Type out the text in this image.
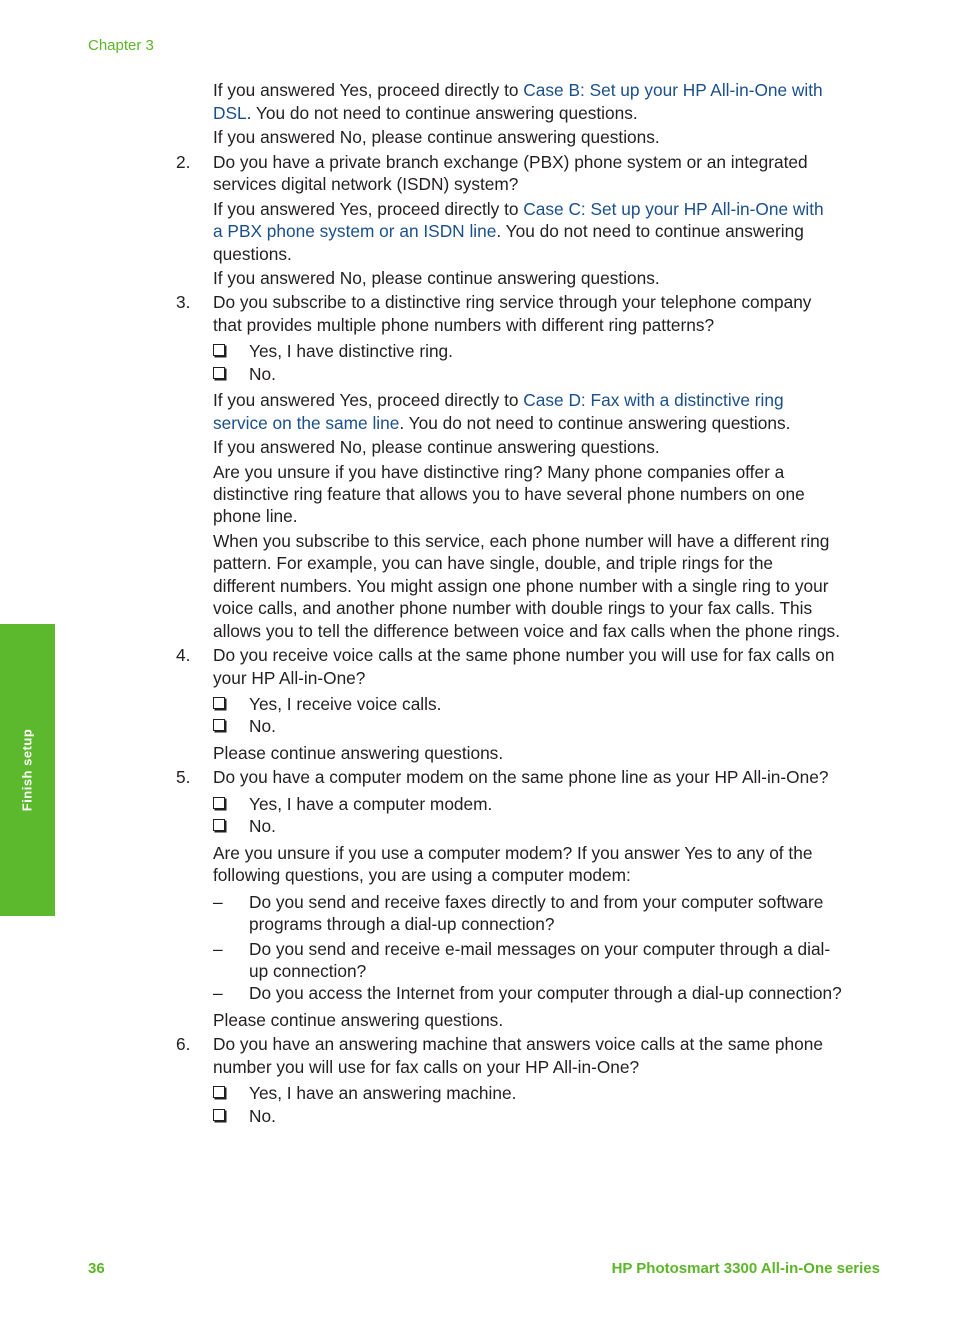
Chapter 3
Finish setup
If you answered Yes, proceed directly to Case B: Set up your HP All-in-One with
DSL. You do not need to continue answering questions.
If you answered No, please continue answering questions.
2. Do you have a private branch exchange (PBX) phone system or an integrated
services digital network (ISDN) system?
If you answered Yes, proceed directly to Case C: Set up your HP All-in-One with
a PBX phone system or an ISDN line. You do not need to continue answering
questions.
If you answered No, please continue answering questions.
3. Do you subscribe to a distinctive ring service through your telephone company
that provides multiple phone numbers with different ring patterns?
Yes, I have distinctive ring.
No.
If you answered Yes, proceed directly to Case D: Fax with a distinctive ring
service on the same line. You do not need to continue answering questions.
If you answered No, please continue answering questions.
Are you unsure if you have distinctive ring? Many phone companies offer a
distinctive ring feature that allows you to have several phone numbers on one
phone line.
When you subscribe to this service, each phone number will have a different ring
pattern. For example, you can have single, double, and triple rings for the
different numbers. You might assign one phone number with a single ring to your
voice calls, and another phone number with double rings to your fax calls. This
allows you to tell the difference between voice and fax calls when the phone rings.
4. Do you receive voice calls at the same phone number you will use for fax calls on
your HP All-in-One?
Yes, I receive voice calls.
No.
Please continue answering questions.
5. Do you have a computer modem on the same phone line as your HP All-in-One?
Yes, I have a computer modem.
No.
Are you unsure if you use a computer modem? If you answer Yes to any of the
following questions, you are using a computer modem:
– Do you send and receive faxes directly to and from your computer software
programs through a dial-up connection?
– Do you send and receive e-mail messages on your computer through a dial-
up connection?
– Do you access the Internet from your computer through a dial-up connection?
Please continue answering questions.
6. Do you have an answering machine that answers voice calls at the same phone
number you will use for fax calls on your HP All-in-One?
Yes, I have an answering machine.
No.
36	HP Photosmart 3300 All-in-One series
